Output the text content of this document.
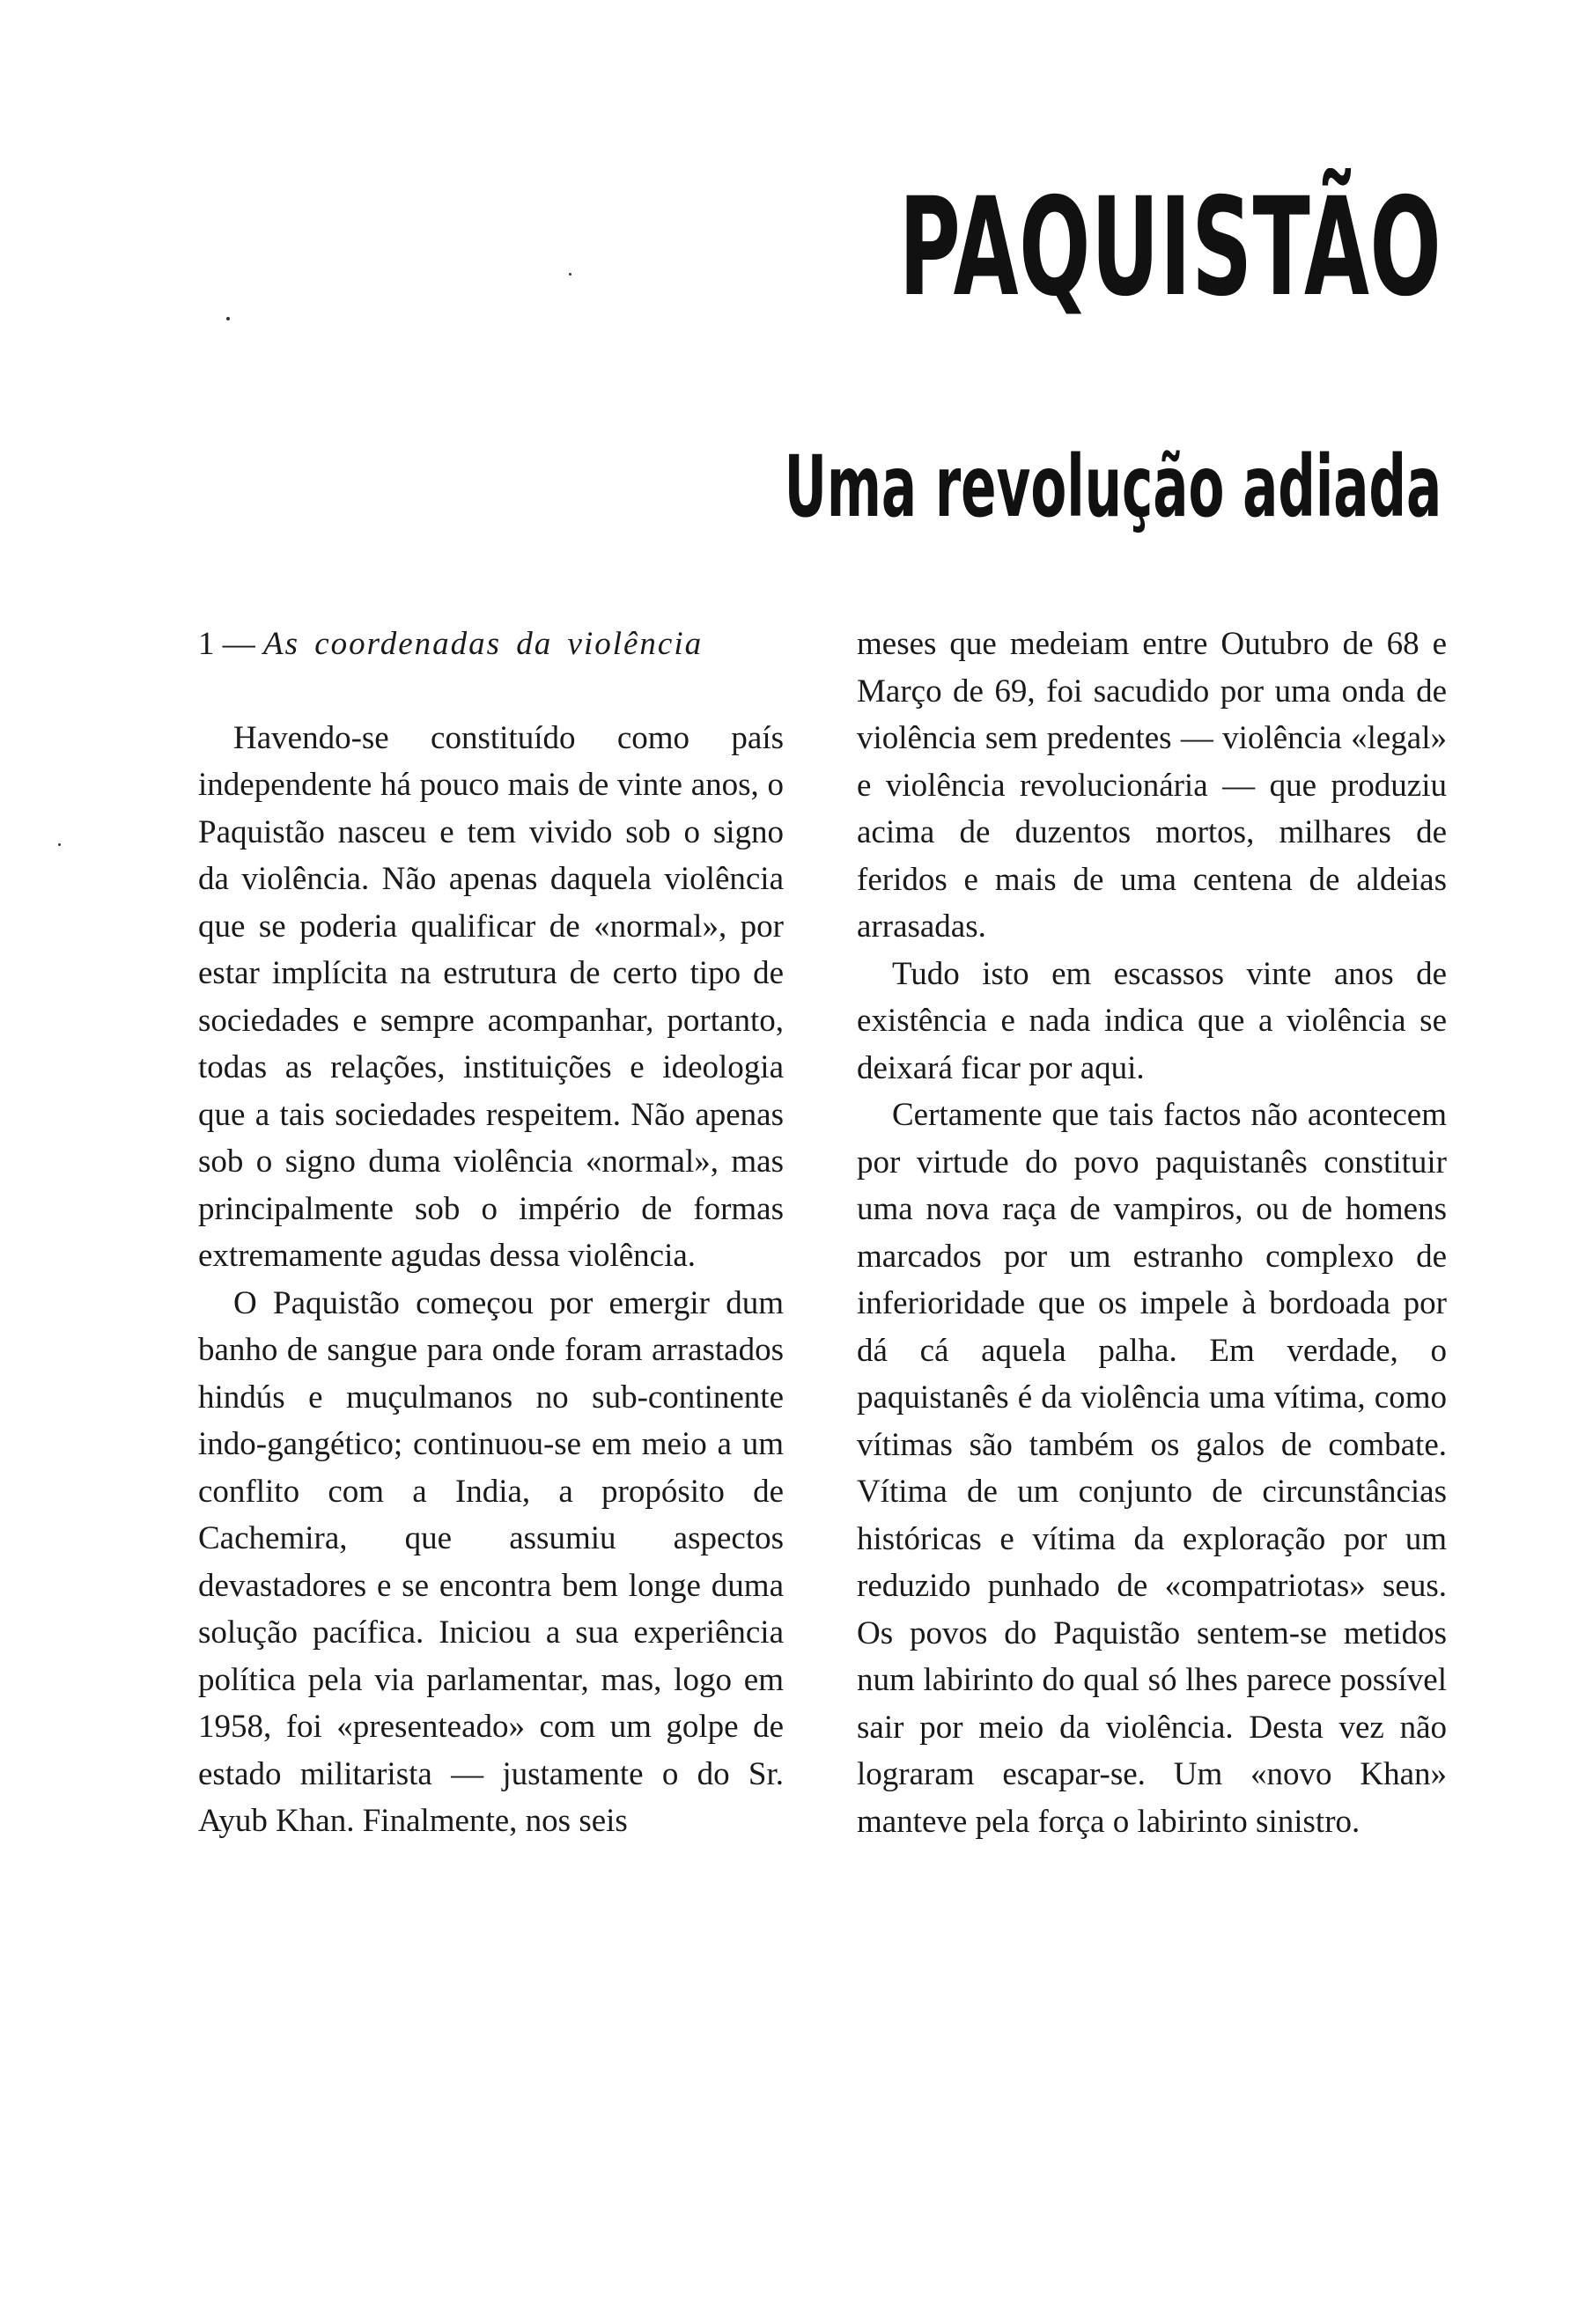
PAQUISTÃO
Uma revolução adiada
1 — As coordenadas da violência

Havendo-se constituído como país independente há pouco mais de vinte anos, o Paquistão nasceu e tem vivido sob o signo da violência. Não apenas daquela violência que se poderia qualificar de «normal», por estar implícita na estrutura de certo tipo de sociedades e sempre acompanhar, portanto, todas as relações, instituições e ideologia que a tais sociedades respeitem. Não apenas sob o signo duma violência «normal», mas principalmente sob o império de formas extremamente agudas dessa violência.

O Paquistão começou por emergir dum banho de sangue para onde foram arrastados hindús e muçulmanos no sub-continente indo-gangético; continuou-se em meio a um conflito com a India, a propósito de Cachemira, que assumiu aspectos devastadores e se encontra bem longe duma solução pacífica. Iniciou a sua experiência política pela via parlamentar, mas, logo em 1958, foi «presenteado» com um golpe de estado militarista — justamente o do Sr. Ayub Khan. Finalmente, nos seis

meses que medeiam entre Outubro de 68 e Março de 69, foi sacudido por uma onda de violência sem predentes — violência «legal» e violência revolucionária — que produziu acima de duzentos mortos, milhares de feridos e mais de uma centena de aldeias arrasadas.

Tudo isto em escassos vinte anos de existência e nada indica que a violência se deixará ficar por aqui.

Certamente que tais factos não acontecem por virtude do povo paquistanês constituir uma nova raça de vampiros, ou de homens marcados por um estranho complexo de inferioridade que os impele à bordoada por dá cá aquela palha. Em verdade, o paquistanês é da violência uma vítima, como vítimas são também os galos de combate. Vítima de um conjunto de circunstâncias históricas e vítima da exploração por um reduzido punhado de «compatriotas» seus. Os povos do Paquistão sentem-se metidos num labirinto do qual só lhes parece possível sair por meio da violência. Desta vez não lograram escapar-se. Um «novo Khan» manteve pela força o labirinto sinistro.
